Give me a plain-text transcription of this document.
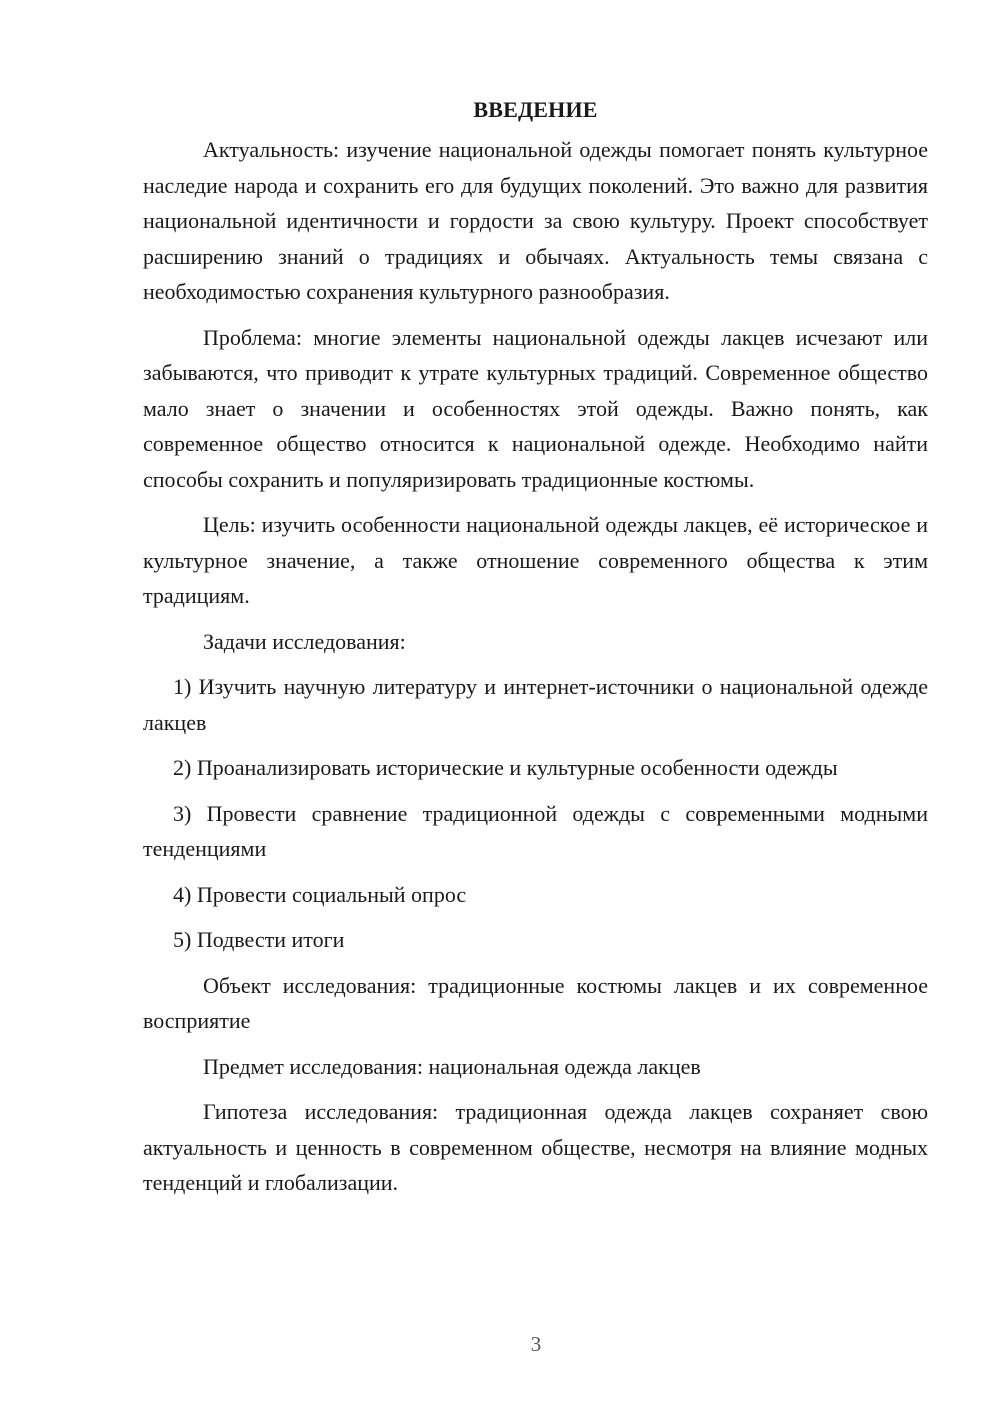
ВВЕДЕНИЕ

Актуальность: изучение национальной одежды помогает понять культурное наследие народа и сохранить его для будущих поколений. Это важно для развития национальной идентичности и гордости за свою культуру. Проект способствует расширению знаний о традициях и обычаях. Актуальность темы связана с необходимостью сохранения культурного разнообразия.

Проблема: многие элементы национальной одежды лакцев исчезают или забываются, что приводит к утрате культурных традиций. Современное общество мало знает о значении и особенностях этой одежды. Важно понять, как современное общество относится к национальной одежде. Необходимо найти способы сохранить и популяризировать традиционные костюмы.

Цель: изучить особенности национальной одежды лакцев, её историческое и культурное значение, а также отношение современного общества к этим традициям.

Задачи исследования:

1) Изучить научную литературу и интернет-источники о национальной одежде лакцев

2) Проанализировать исторические и культурные особенности одежды

3) Провести сравнение традиционной одежды с современными модными тенденциями

4) Провести социальный опрос

5) Подвести итоги

Объект исследования: традиционные костюмы лакцев и их современное восприятие

Предмет исследования: национальная одежда лакцев

Гипотеза исследования: традиционная одежда лакцев сохраняет свою актуальность и ценность в современном обществе, несмотря на влияние модных тенденций и глобализации.

3
